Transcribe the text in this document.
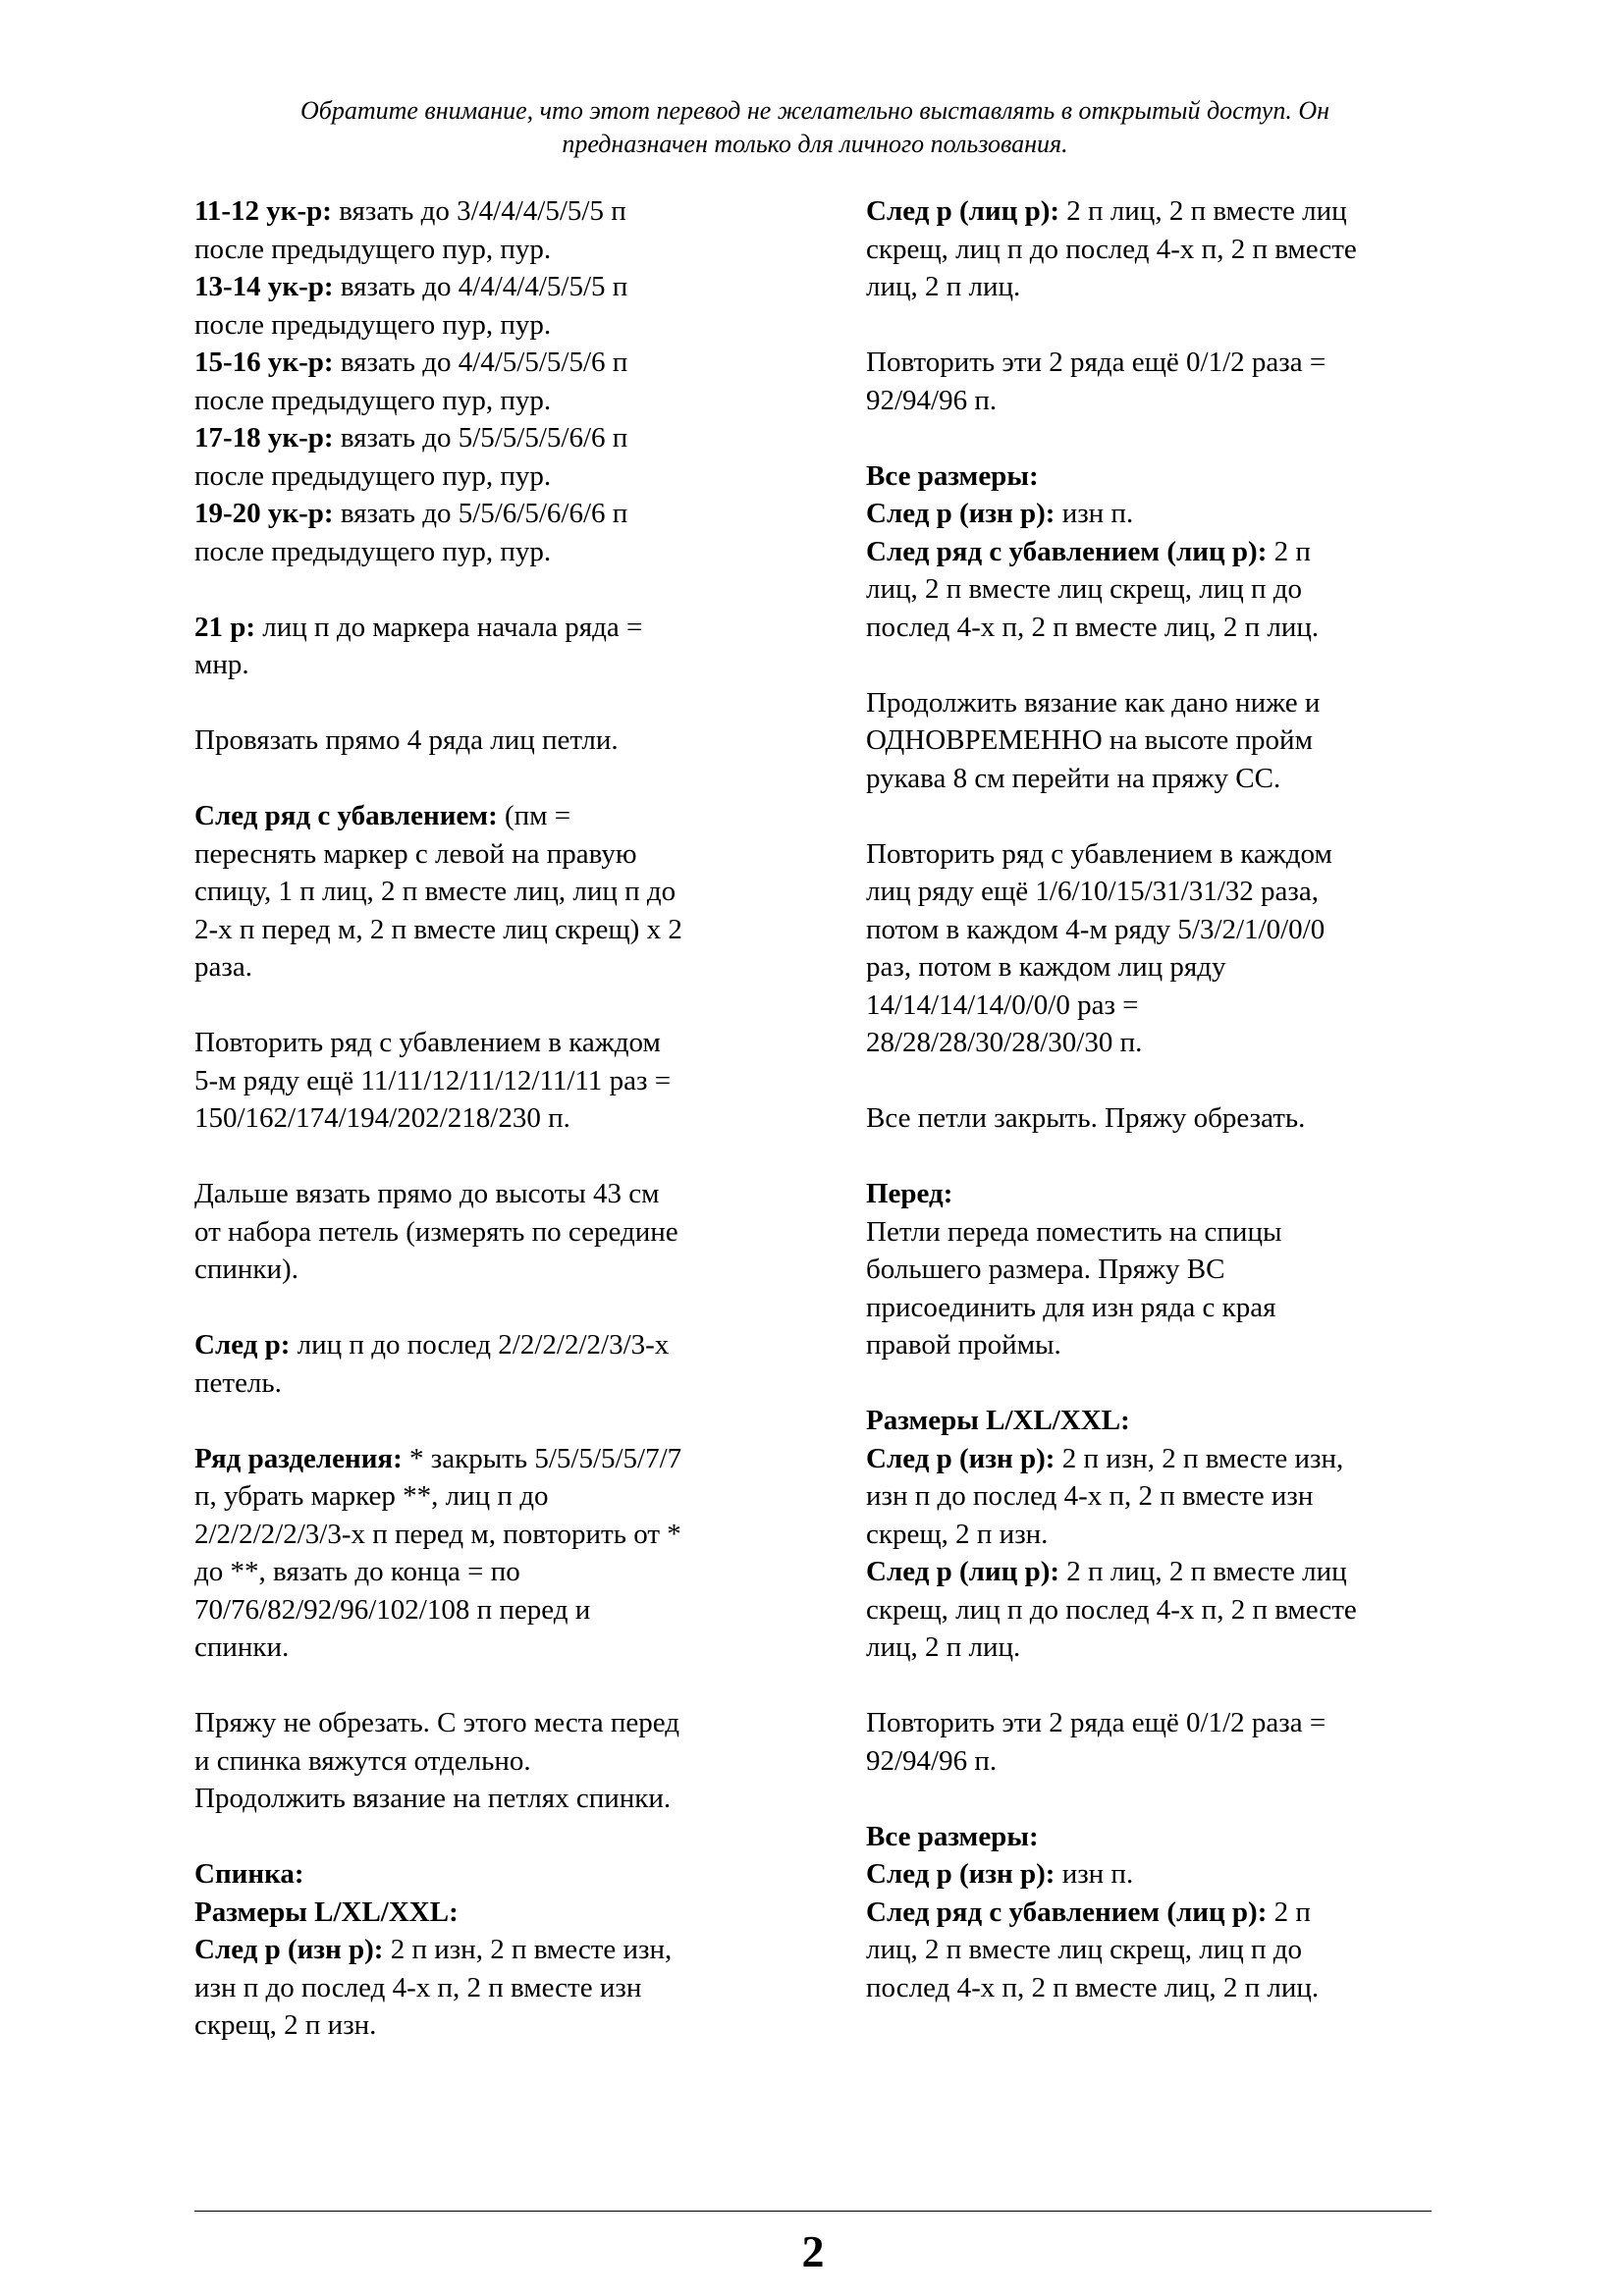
Обратите внимание, что этот перевод не желательно выставлять в открытый доступ. Он
предназначен только для личного пользования.
11-12 ук-р: вязать до 3/4/4/4/5/5/5 п
после предыдущего пур, пур.
13-14 ук-р: вязать до 4/4/4/4/5/5/5 п
после предыдущего пур, пур.
15-16 ук-р: вязать до 4/4/5/5/5/5/6 п
после предыдущего пур, пур.
17-18 ук-р: вязать до 5/5/5/5/5/6/6 п
после предыдущего пур, пур.
19-20 ук-р: вязать до 5/5/6/5/6/6/6 п
после предыдущего пур, пур.
21 р: лиц п до маркера начала ряда =
мнр.
Провязать прямо 4 ряда лиц петли.
След ряд с убавлением: (пм =
переснять маркер с левой на правую
спицу, 1 п лиц, 2 п вместе лиц, лиц п до
2-х п перед м, 2 п вместе лиц скрещ) х 2
раза.
Повторить ряд с убавлением в каждом
5-м ряду ещё 11/11/12/11/12/11/11 раз =
150/162/174/194/202/218/230 п.
Дальше вязать прямо до высоты 43 см
от набора петель (измерять по середине
спинки).
След р: лиц п до послед 2/2/2/2/2/3/3-х
петель.
Ряд разделения: * закрыть 5/5/5/5/5/7/7
п, убрать маркер **, лиц п до
2/2/2/2/2/3/3-х п перед м, повторить от *
до **, вязать до конца = по
70/76/82/92/96/102/108 п перед и
спинки.
Пряжу не обрезать. С этого места перед
и спинка вяжутся отдельно.
Продолжить вязание на петлях спинки.
Спинка:
Размеры L/XL/XXL:
След р (изн р): 2 п изн, 2 п вместе изн,
изн п до послед 4-х п, 2 п вместе изн
скрещ, 2 п изн.
След р (лиц р): 2 п лиц, 2 п вместе лиц
скрещ, лиц п до послед 4-х п, 2 п вместе
лиц, 2 п лиц.
Повторить эти 2 ряда ещё 0/1/2 раза =
92/94/96 п.
Все размеры:
След р (изн р): изн п.
След ряд с убавлением (лиц р): 2 п
лиц, 2 п вместе лиц скрещ, лиц п до
послед 4-х п, 2 п вместе лиц, 2 п лиц.
Продолжить вязание как дано ниже и
ОДНОВРЕМЕННО на высоте пройм
рукава 8 см перейти на пряжу СС.
Повторить ряд с убавлением в каждом
лиц ряду ещё 1/6/10/15/31/31/32 раза,
потом в каждом 4-м ряду 5/3/2/1/0/0/0
раз, потом в каждом лиц ряду
14/14/14/14/0/0/0 раз =
28/28/28/30/28/30/30 п.
Все петли закрыть. Пряжу обрезать.
Перед:
Петли переда поместить на спицы
большего размера. Пряжу ВС
присоединить для изн ряда с края
правой проймы.
Размеры L/XL/XXL:
След р (изн р): 2 п изн, 2 п вместе изн,
изн п до послед 4-х п, 2 п вместе изн
скрещ, 2 п изн.
След р (лиц р): 2 п лиц, 2 п вместе лиц
скрещ, лиц п до послед 4-х п, 2 п вместе
лиц, 2 п лиц.
Повторить эти 2 ряда ещё 0/1/2 раза =
92/94/96 п.
Все размеры:
След р (изн р): изн п.
След ряд с убавлением (лиц р): 2 п
лиц, 2 п вместе лиц скрещ, лиц п до
послед 4-х п, 2 п вместе лиц, 2 п лиц.
2
